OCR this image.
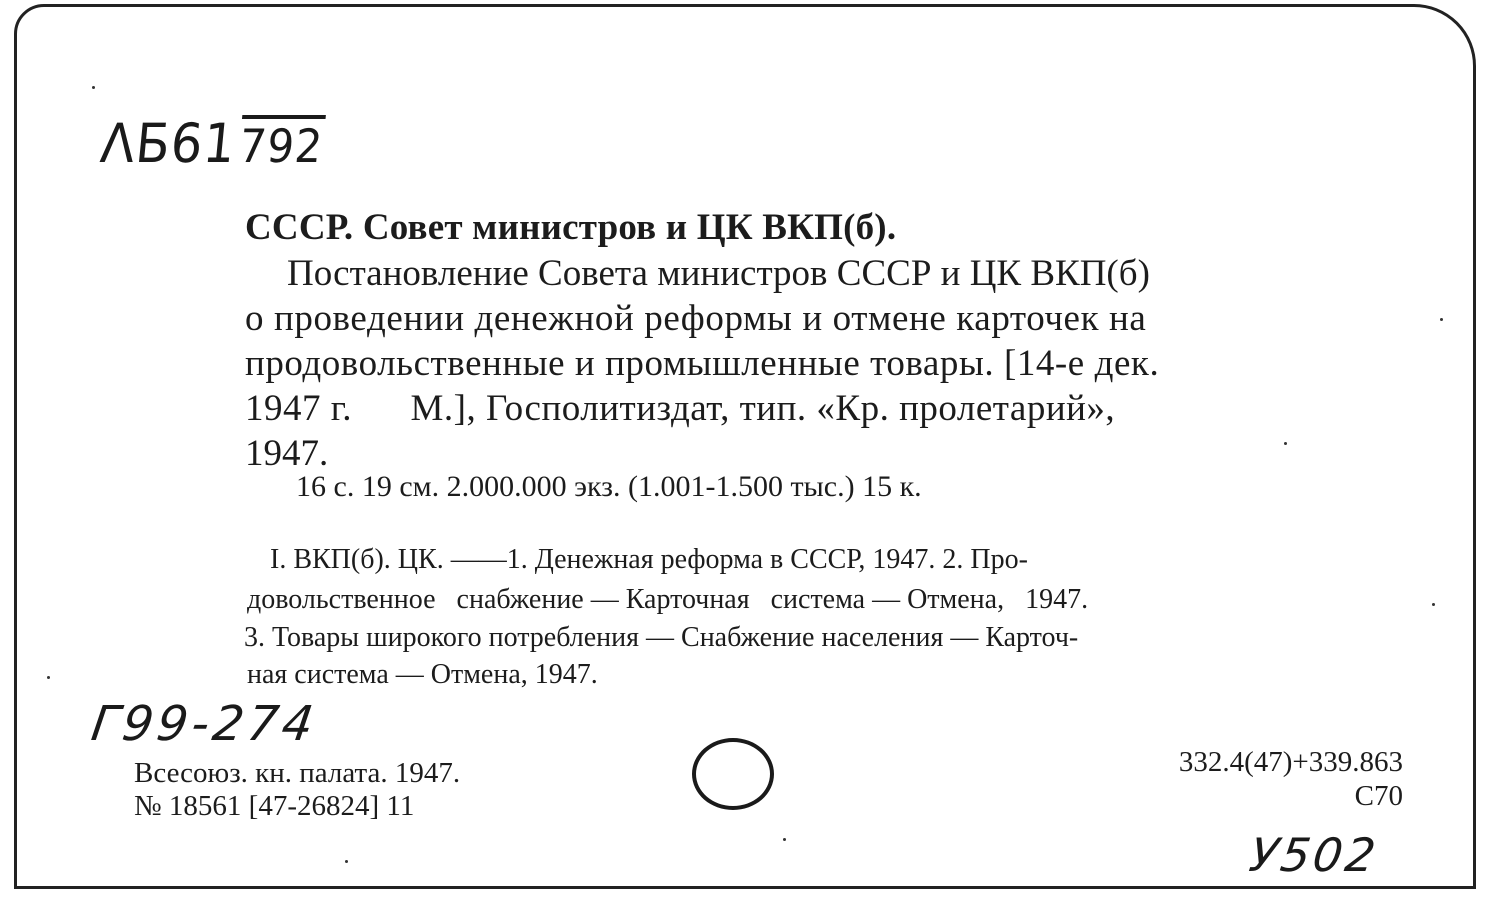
ΛБ61792
СССР. Совет министров и ЦК ВКП(б).
Постановление Совета министров СССР и ЦК ВКП(б)
о проведении денежной реформы и отмене карточек на
продовольственные и промышленные товары. [14-е дек.
1947 г.      М.], Госполитиздат, тип. «Кр. пролетарий»,
1947.
16 с. 19 см. 2.000.000 экз. (1.001-1.500 тыс.) 15 к.
I. ВКП(б). ЦК. ——1. Денежная реформа в СССР, 1947. 2. Про-
довольственное   снабжение — Карточная   система — Отмена,   1947.
3. Товары широкого потребления — Снабжение населения — Карточ-
ная система — Отмена, 1947.
Г99-274
Всесоюз. кн. палата. 1947.
№ 18561 [47-26824] 11
332.4(47)+339.863
С70
У502
